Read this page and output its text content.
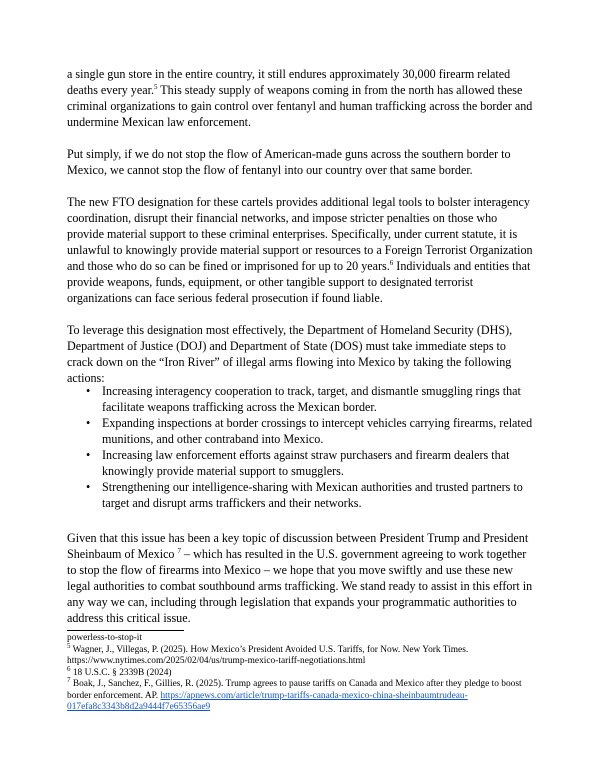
a single gun store in the entire country, it still endures approximately 30,000 firearm related deaths every year.$^5$ This steady supply of weapons coming in from the north has allowed these criminal organizations to gain control over fentanyl and human trafficking across the border and undermine Mexican law enforcement.

Put simply, if we do not stop the flow of American-made guns across the southern border to Mexico, we cannot stop the flow of fentanyl into our country over that same border.

The new FTO designation for these cartels provides additional legal tools to bolster interagency coordination, disrupt their financial networks, and impose stricter penalties on those who provide material support to these criminal enterprises. Specifically, under current statute, it is unlawful to knowingly provide material support or resources to a Foreign Terrorist Organization and those who do so can be fined or imprisoned for up to 20 years.$^6$ Individuals and entities that provide weapons, funds, equipment, or other tangible support to designated terrorist organizations can face serious federal prosecution if found liable.

To leverage this designation most effectively, the Department of Homeland Security (DHS), Department of Justice (DOJ) and Department of State (DOS) must take immediate steps to crack down on the “Iron River” of illegal arms flowing into Mexico by taking the following actions:

• Increasing interagency cooperation to track, target, and dismantle smuggling rings that facilitate weapons trafficking across the Mexican border.
• Expanding inspections at border crossings to intercept vehicles carrying firearms, related munitions, and other contraband into Mexico.
• Increasing law enforcement efforts against straw purchasers and firearm dealers that knowingly provide material support to smugglers.
• Strengthening our intelligence-sharing with Mexican authorities and trusted partners to target and disrupt arms traffickers and their networks.

Given that this issue has been a key topic of discussion between President Trump and President Sheinbaum of Mexico $^7$ – which has resulted in the U.S. government agreeing to work together to stop the flow of firearms into Mexico – we hope that you move swiftly and use these new legal authorities to combat southbound arms trafficking. We stand ready to assist in this effort in any way we can, including through legislation that expands your programmatic authorities to address this critical issue.

powerless-to-stop-it

$^5$ Wagner, J., Villegas, P. (2025). How Mexico’s President Avoided U.S. Tariffs, for Now. New York Times. https://www.nytimes.com/2025/02/04/us/trump-mexico-tariff-negotiations.html

$^6$ 18 U.S.C. § 2339B (2024)

$^7$ Boak, J., Sanchez, F., Gillies, R. (2025). Trump agrees to pause tariffs on Canada and Mexico after they pledge to boost border enforcement. AP. https://apnews.com/article/trump-tariffs-canada-mexico-china-sheinbaumtrudeau-017efa8c3343b8d2a9444f7e65356ae9
